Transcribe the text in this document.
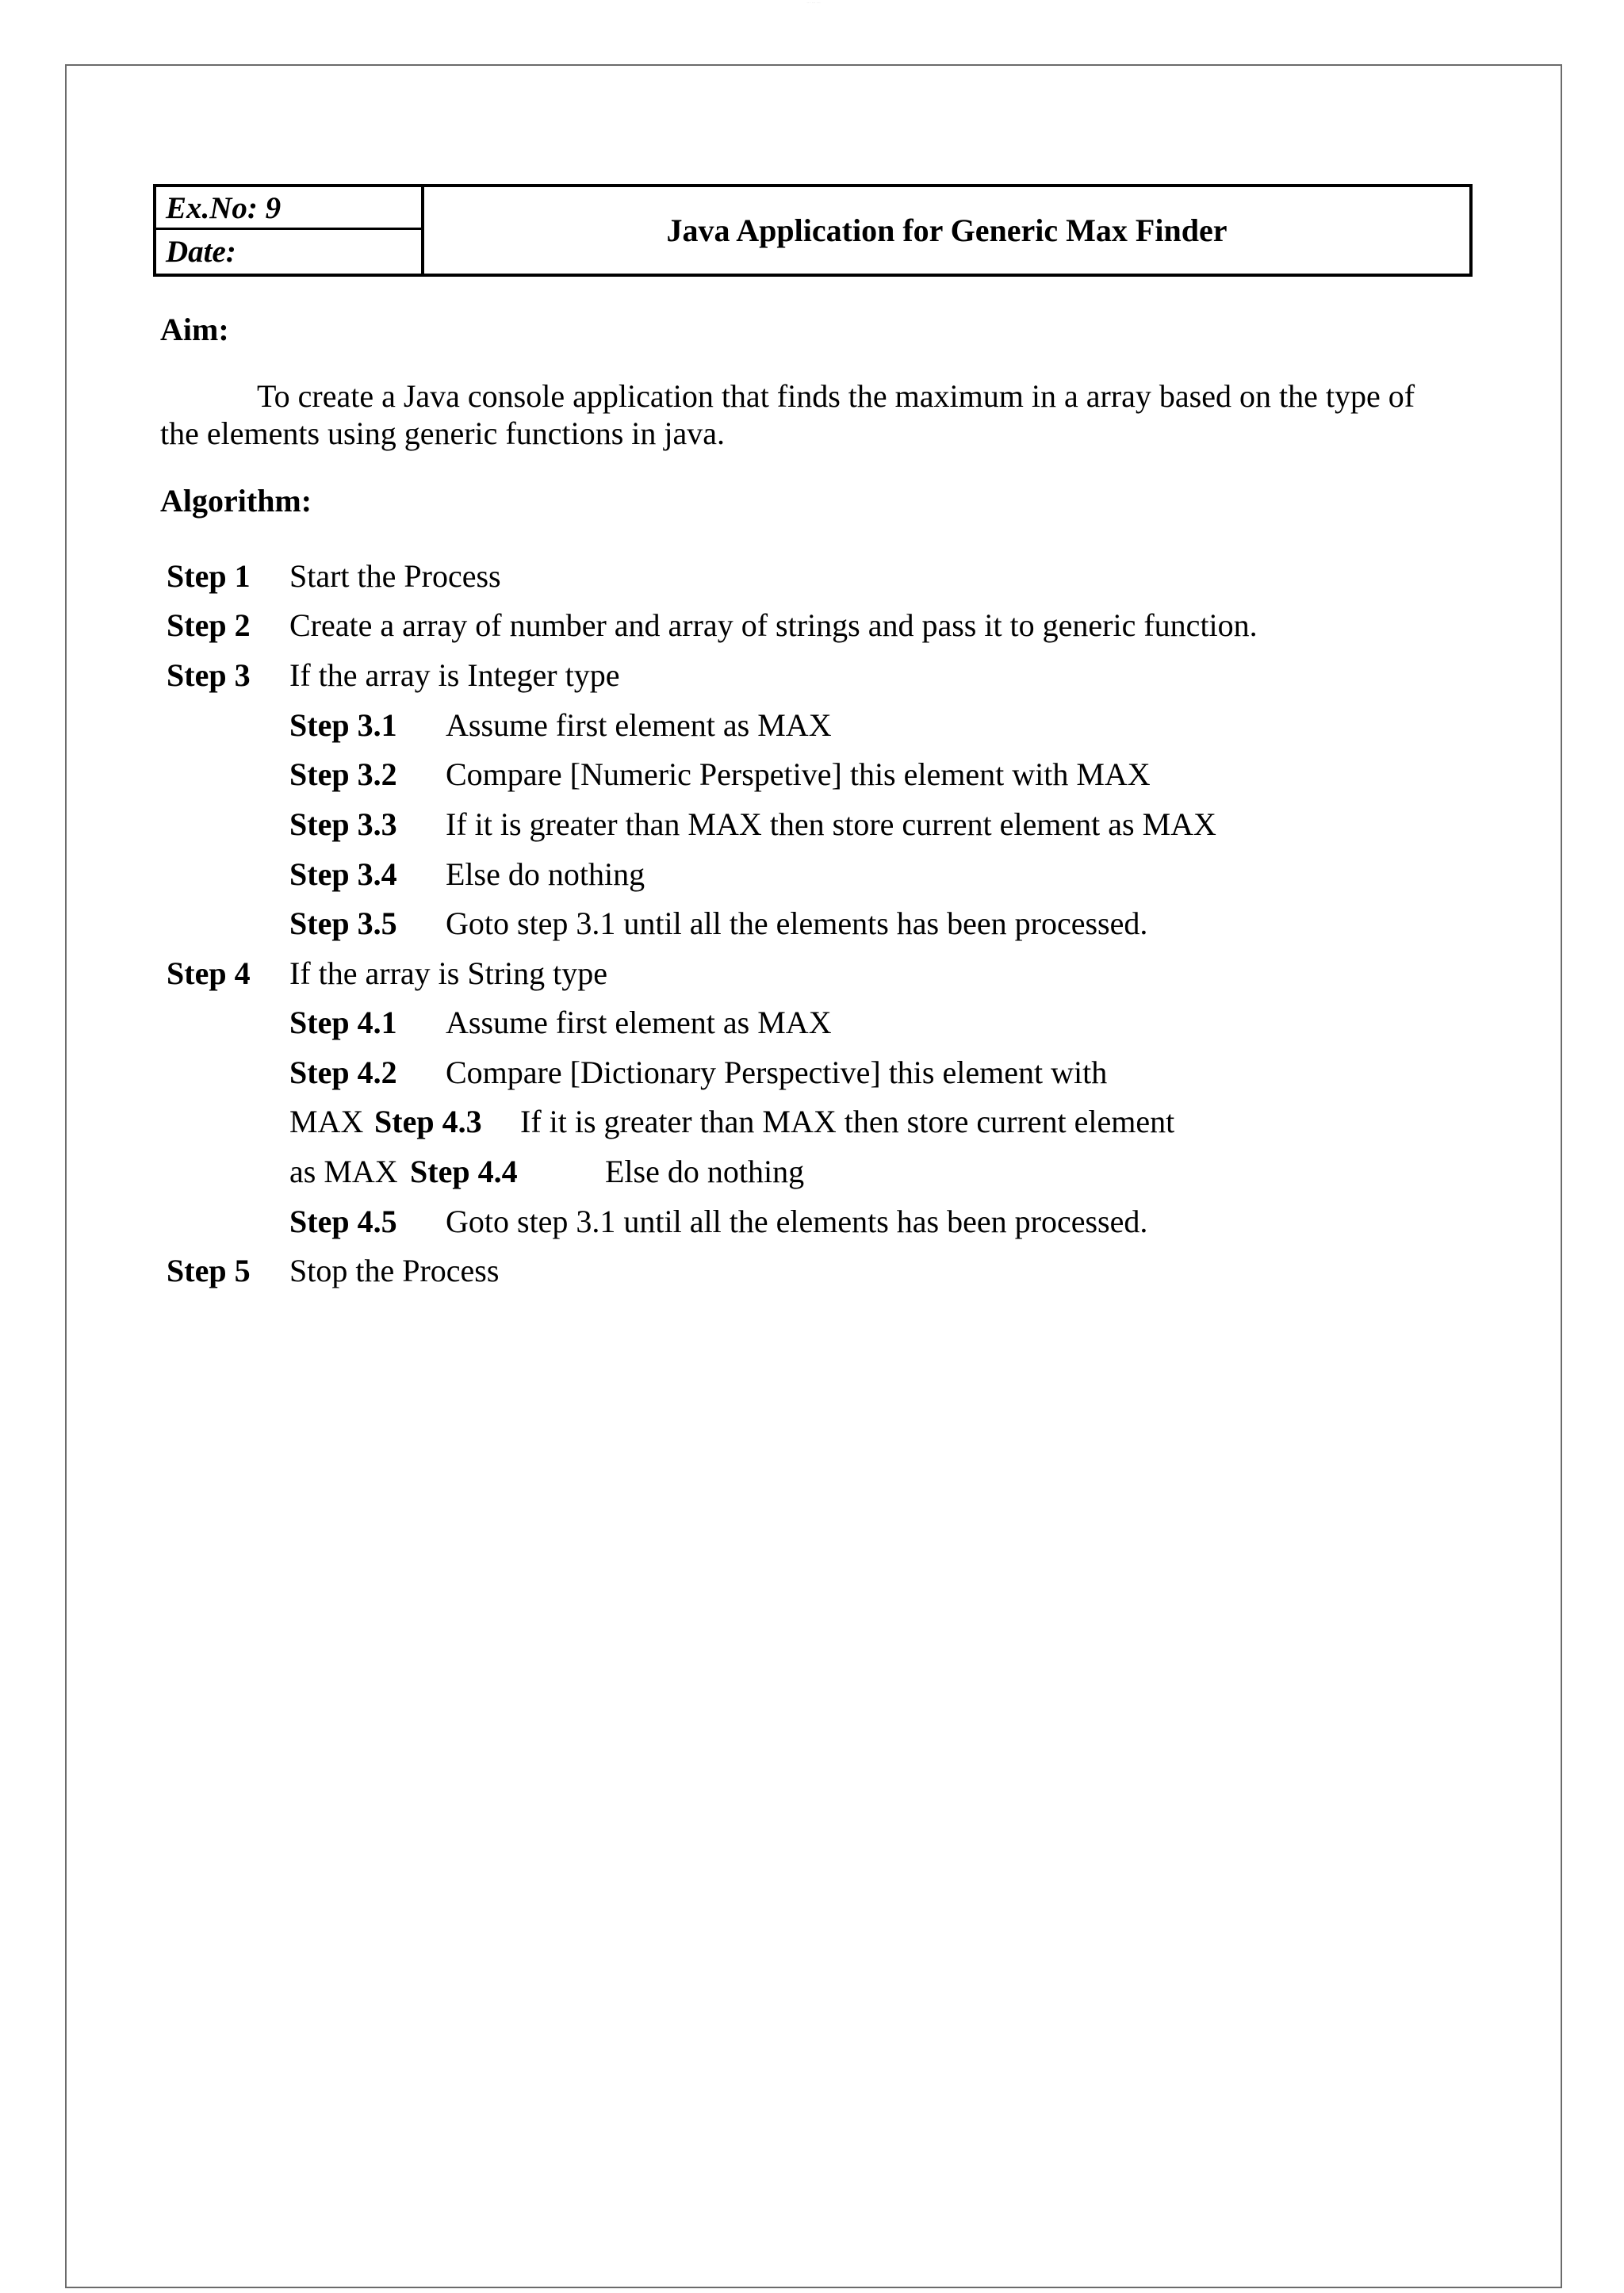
··· ··· ···
Ex.No: 9
Date:
Java Application for Generic Max Finder
Aim:
To create a Java console application that finds the maximum in a array based on the type of
the elements using generic functions in java.
Algorithm:
Step 1 Start the Process
Step 2 Create a array of number and array of strings and pass it to generic function.
Step 3 If the array is Integer type
Step 3.1 Assume first element as MAX
Step 3.2 Compare [Numeric Perspetive] this element with MAX
Step 3.3 If it is greater than MAX then store current element as MAX
Step 3.4 Else do nothing
Step 3.5 Goto step 3.1 until all the elements has been processed.
Step 4 If the array is String type
Step 4.1 Assume first element as MAX
Step 4.2 Compare [Dictionary Perspective] this element with
MAX Step 4.3 If it is greater than MAX then store current element
as MAX Step 4.4	Else do nothing
Step 4.5 Goto step 3.1 until all the elements has been processed.
Step 5 Stop the Process
